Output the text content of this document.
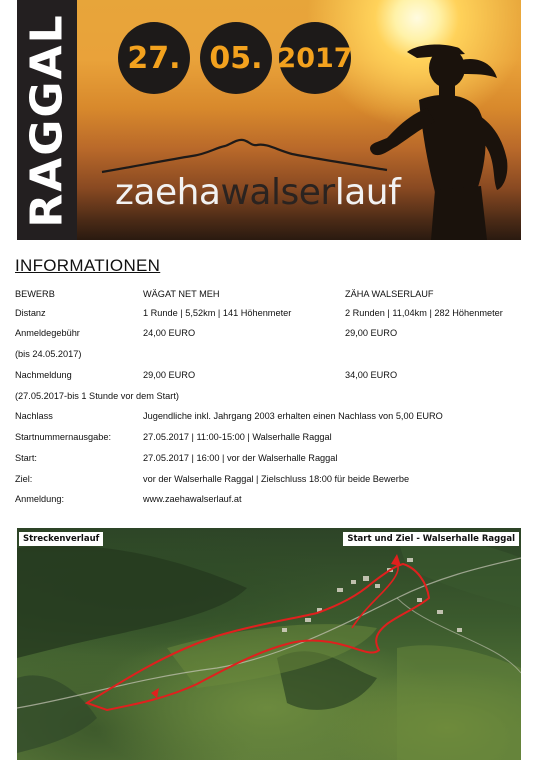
RAGGAL 27. 05. 2017
zaehawalserlauf
INFORMATIONEN
BEWERB	WÄGAT NET MEH	ZÄHA WALSERLAUF
Distanz	1 Runde | 5,52km | 141 Höhenmeter	2 Runden | 11,04km | 282 Höhenmeter
Anmeldegebühr	24,00 EURO	29,00 EURO
(bis 24.05.2017)
Nachmeldung	29,00 EURO	34,00 EURO
(27.05.2017-bis 1 Stunde vor dem Start)
Nachlass	Jugendliche inkl. Jahrgang 2003 erhalten einen Nachlass von 5,00 EURO
Startnummernausgabe:	27.05.2017 | 11:00-15:00 | Walserhalle Raggal
Start:	27.05.2017 | 16:00 | vor der Walserhalle Raggal
Ziel:	vor der Walserhalle Raggal | Zielschluss 18:00 für beide Bewerbe
Anmeldung:	www.zaehawalserlauf.at
Streckenverlauf	Start und Ziel - Walserhalle Raggal
